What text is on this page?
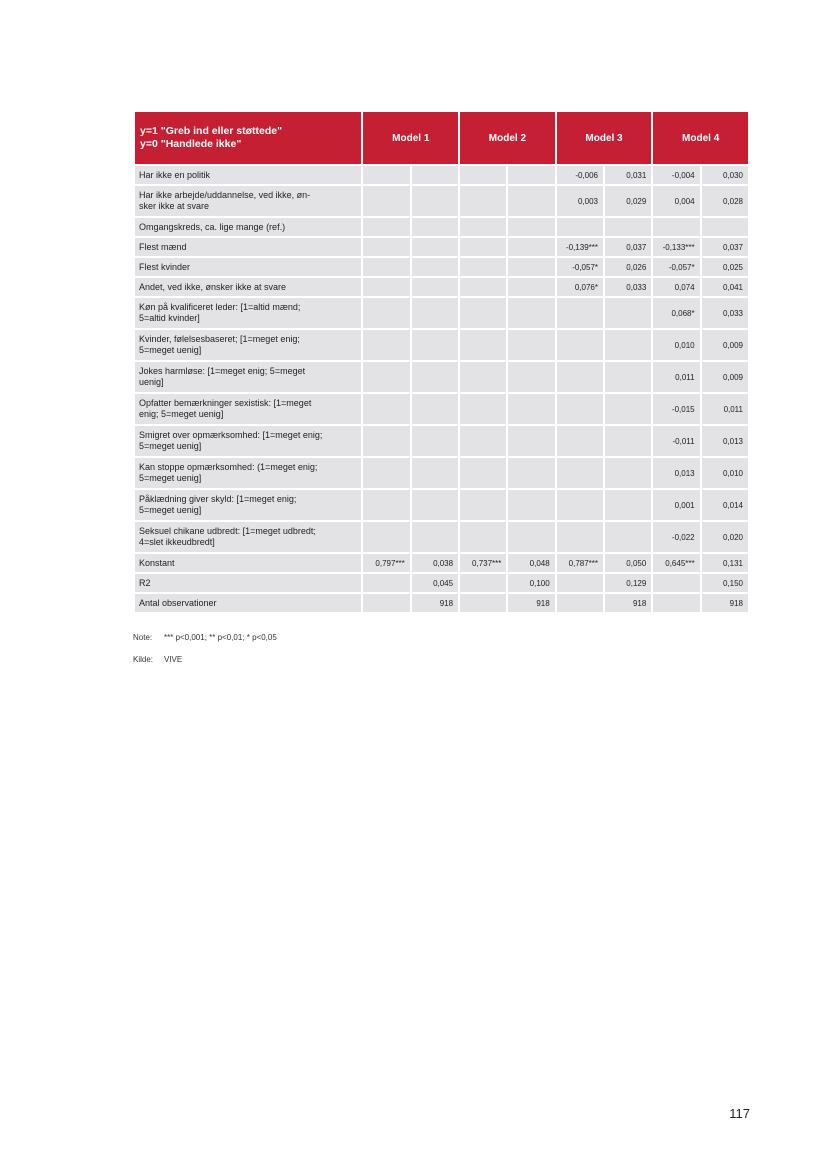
y=1 "Greb ind eller støttede"
y=0 "Handlede ikke"	Model 1		Model 2		Model 3		Model 4	

Har ikke en politik					-0,006	0,031	-0,004	0,030

Har ikke arbejde/uddannelse, ved ikke, øn-
sker ikke at svare					0,003	0,029	0,004	0,028

Omgangskreds, ca. lige mange (ref.)								

Flest mænd					-0,139***	0,037	-0,133***	0,037

Flest kvinder					-0,057*	0,026	-0,057*	0,025

Andet, ved ikke, ønsker ikke at svare					0,076*	0,033	0,074	0,041

Køn på kvalificeret leder: [1=altid mænd;
5=altid kvinder]							0,068*	0,033

Kvinder, følelsesbaseret; [1=meget enig;
5=meget uenig]							0,010	0,009

Jokes harmløse: [1=meget enig; 5=meget
uenig]							0,011	0,009

Opfatter bemærkninger sexistisk: [1=meget
enig; 5=meget uenig]							-0,015	0,011

Smigret over opmærksomhed: [1=meget enig;
5=meget uenig]							-0,011	0,013

Kan stoppe opmærksomhed: (1=meget enig;
5=meget uenig]							0,013	0,010

Påklædning giver skyld: [1=meget enig;
5=meget uenig]							0,001	0,014

Seksuel chikane udbredt: [1=meget udbredt;
4=slet ikkeudbredt]							-0,022	0,020

Konstant	0,797***	0,038	0,737***	0,048	0,787***	0,050	0,645***	0,131

R2		0,045		0,100		0,129		0,150

Antal observationer		918		918		918		918
Note: *** p<0,001; ** p<0,01; * p<0,05
Kilde: VIVE
117
